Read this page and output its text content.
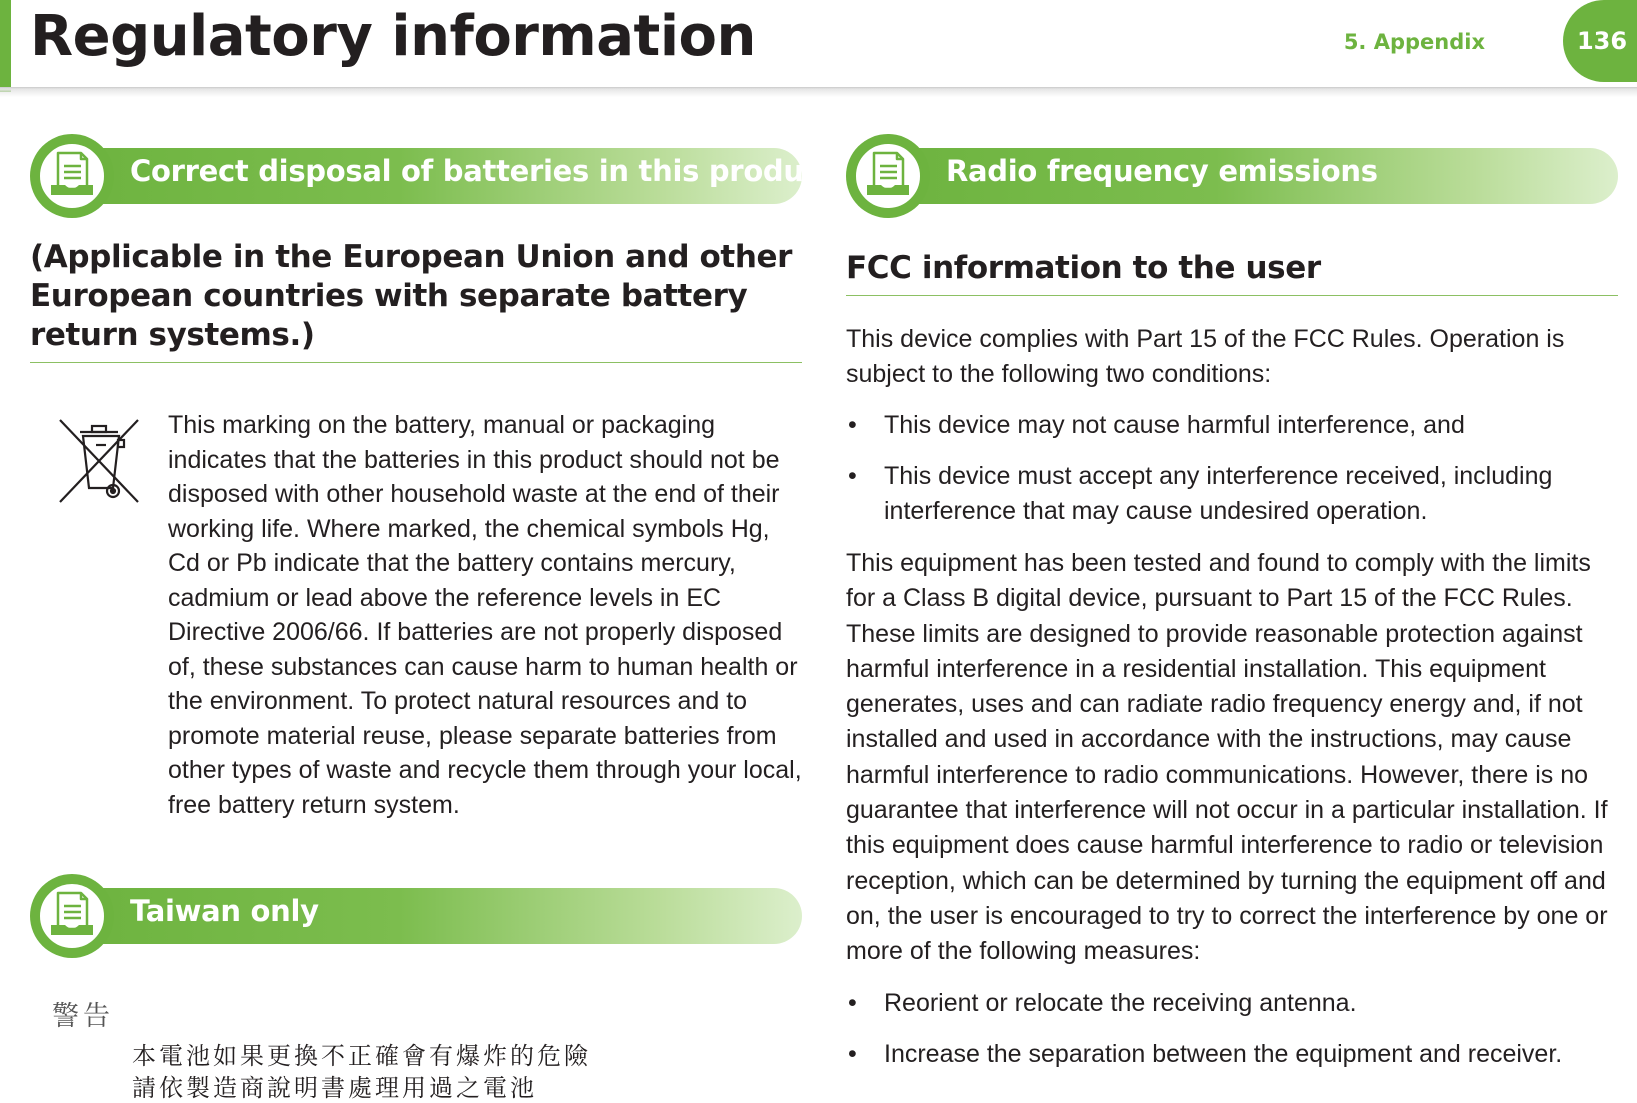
Regulatory information	5. Appendix	136
Correct disposal of batteries in this product
(Applicable in the European Union and other European countries with separate battery return systems.)

This marking on the battery, manual or packaging indicates that the batteries in this product should not be disposed with other household waste at the end of their working life. Where marked, the chemical symbols Hg, Cd or Pb indicate that the battery contains mercury, cadmium or lead above the reference levels in EC Directive 2006/66. If batteries are not properly disposed of, these substances can cause harm to human health or the environment. To protect natural resources and to promote material reuse, please separate batteries from other types of waste and recycle them through your local, free battery return system.

Taiwan only
警告
本電池如果更換不正確會有爆炸的危險
請依製造商說明書處理用過之電池
Radio frequency emissions
FCC information to the user

This device complies with Part 15 of the FCC Rules. Operation is subject to the following two conditions:

• This device may not cause harmful interference, and
• This device must accept any interference received, including interference that may cause undesired operation.

This equipment has been tested and found to comply with the limits for a Class B digital device, pursuant to Part 15 of the FCC Rules. These limits are designed to provide reasonable protection against harmful interference in a residential installation. This equipment generates, uses and can radiate radio frequency energy and, if not installed and used in accordance with the instructions, may cause harmful interference to radio communications. However, there is no guarantee that interference will not occur in a particular installation. If this equipment does cause harmful interference to radio or television reception, which can be determined by turning the equipment off and on, the user is encouraged to try to correct the interference by one or more of the following measures:

• Reorient or relocate the receiving antenna.
• Increase the separation between the equipment and receiver.
